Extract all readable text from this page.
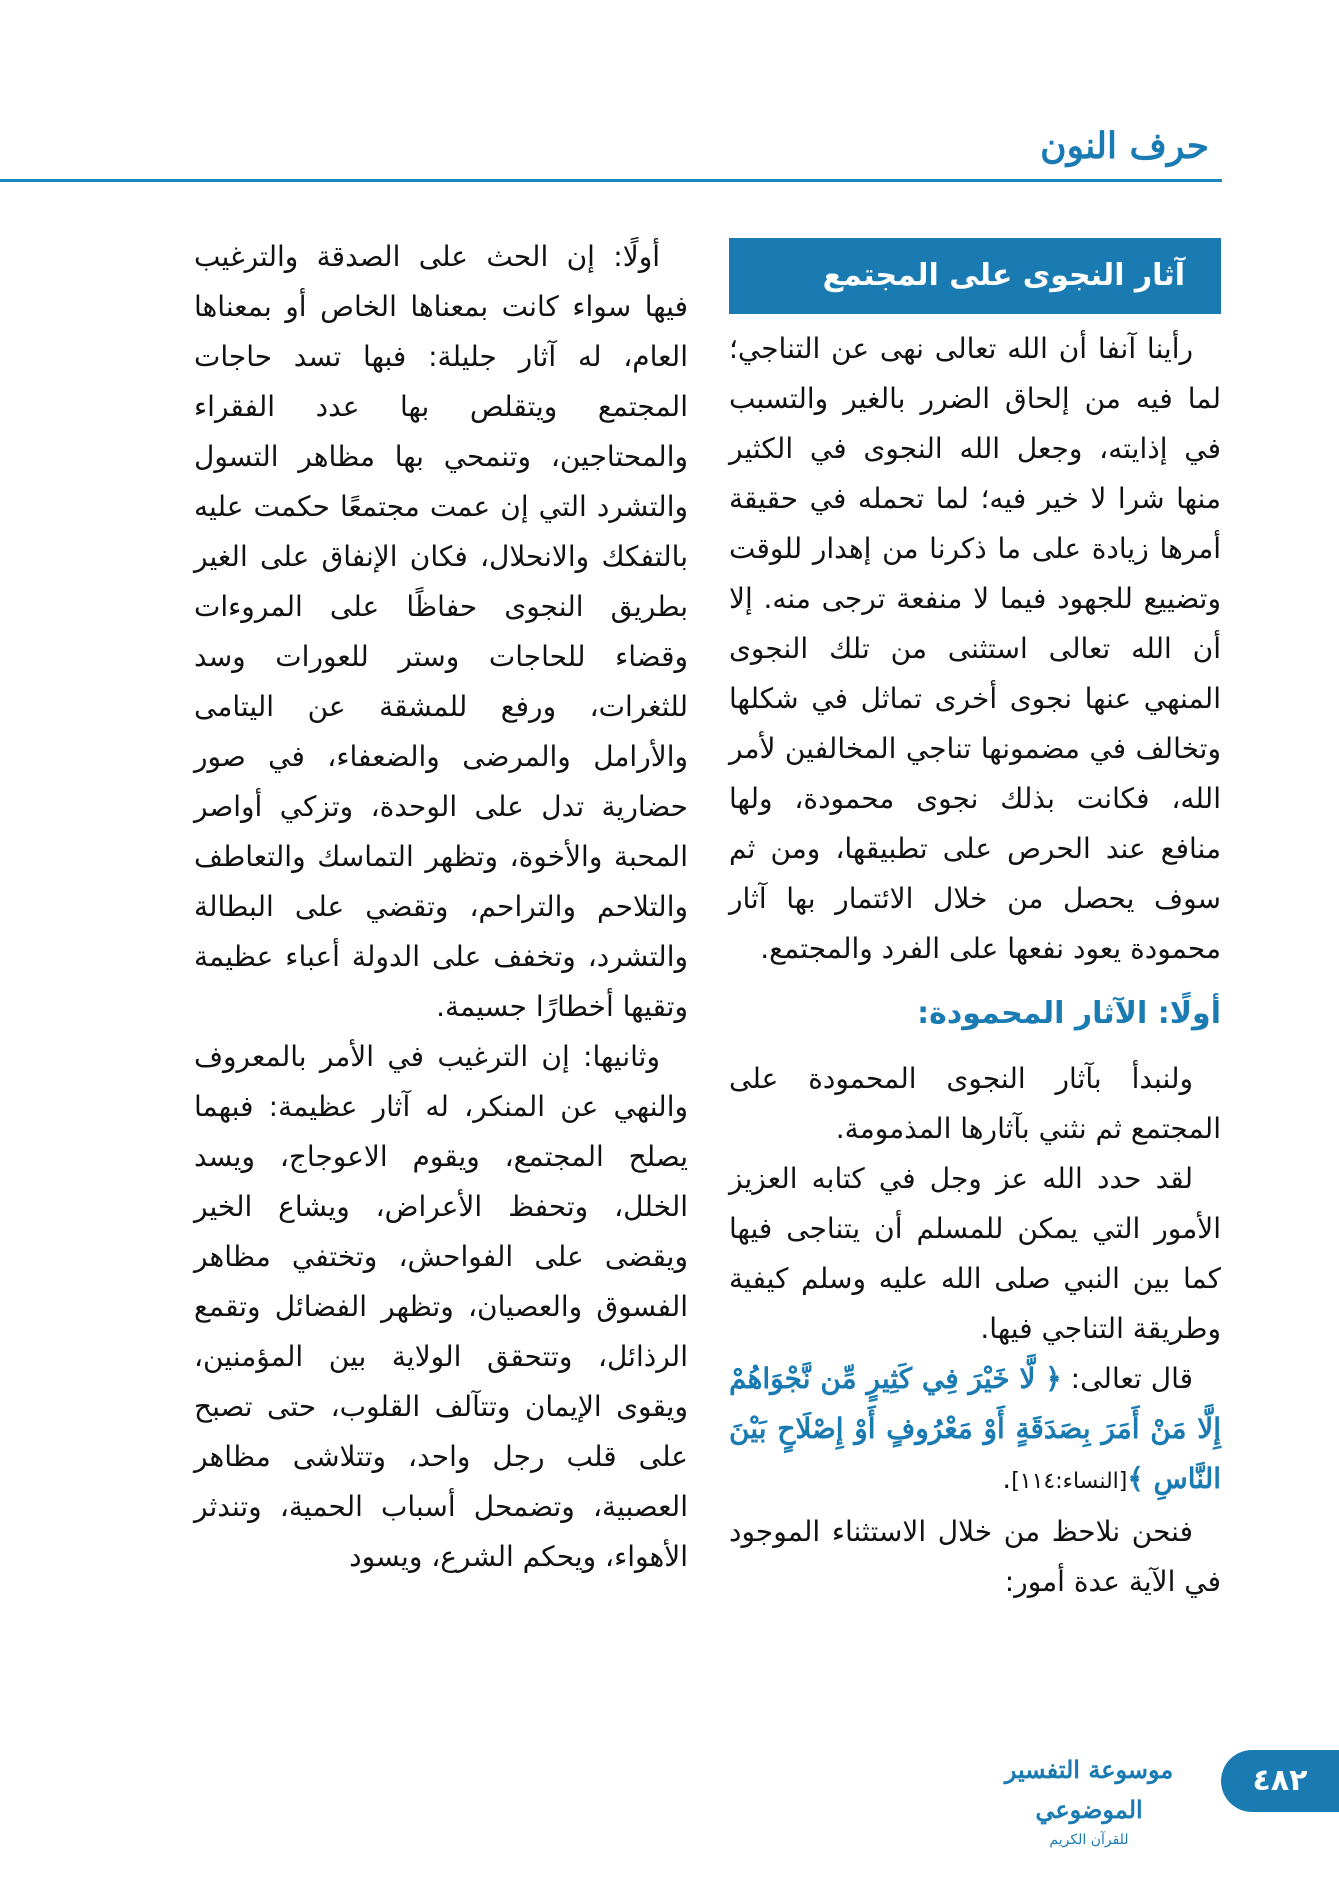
حرف النون
آثار النجوى على المجتمع

رأينا آنفا أن الله تعالى نهى عن التناجي؛ لما فيه من إلحاق الضرر بالغير والتسبب في إذايته، وجعل الله النجوى في الكثير منها شرا لا خير فيه؛ لما تحمله في حقيقة أمرها زيادة على ما ذكرنا من إهدار للوقت وتضييع للجهود فيما لا منفعة ترجى منه. إلا أن الله تعالى استثنى من تلك النجوى المنهي عنها نجوى أخرى تماثل في شكلها وتخالف في مضمونها تناجي المخالفين لأمر الله، فكانت بذلك نجوى محمودة، ولها منافع عند الحرص على تطبيقها، ومن ثم سوف يحصل من خلال الائتمار بها آثار محمودة يعود نفعها على الفرد والمجتمع.

أولًا: الآثار المحمودة:

ولنبدأ بآثار النجوى المحمودة على المجتمع ثم نثني بآثارها المذمومة.

لقد حدد الله عز وجل في كتابه العزيز الأمور التي يمكن للمسلم أن يتناجى فيها كما بين النبي صلى الله عليه وسلم كيفية وطريقة التناجي فيها.

قال تعالى: ﴿ لَّا خَيْرَ فِي كَثِيرٍ مِّن نَّجْوَاهُمْ إِلَّا مَنْ أَمَرَ بِصَدَقَةٍ أَوْ مَعْرُوفٍ أَوْ إِصْلَاحٍ بَيْنَ النَّاسِ ﴾[النساء:١١٤].

فنحن نلاحظ من خلال الاستثناء الموجود في الآية عدة أمور:

أولًا: إن الحث على الصدقة والترغيب فيها سواء كانت بمعناها الخاص أو بمعناها العام، له آثار جليلة: فبها تسد حاجات المجتمع ويتقلص بها عدد الفقراء والمحتاجين، وتنمحي بها مظاهر التسول والتشرد التي إن عمت مجتمعًا حكمت عليه بالتفكك والانحلال، فكان الإنفاق على الغير بطريق النجوى حفاظًا على المروءات وقضاء للحاجات وستر للعورات وسد للثغرات، ورفع للمشقة عن اليتامى والأرامل والمرضى والضعفاء، في صور حضارية تدل على الوحدة، وتزكي أواصر المحبة والأخوة، وتظهر التماسك والتعاطف والتلاحم والتراحم، وتقضي على البطالة والتشرد، وتخفف على الدولة أعباء عظيمة وتقيها أخطارًا جسيمة.

وثانيها: إن الترغيب في الأمر بالمعروف والنهي عن المنكر، له آثار عظيمة: فبهما يصلح المجتمع، ويقوم الاعوجاج، ويسد الخلل، وتحفظ الأعراض، ويشاع الخير ويقضى على الفواحش، وتختفي مظاهر الفسوق والعصيان، وتظهر الفضائل وتقمع الرذائل، وتتحقق الولاية بين المؤمنين، ويقوى الإيمان وتتآلف القلوب، حتى تصبح على قلب رجل واحد، وتتلاشى مظاهر العصبية، وتضمحل أسباب الحمية، وتندثر الأهواء، ويحكم الشرع، ويسود

٤٨٢
موسوعة التفسير الموضوعي
للقرآن الكريم
